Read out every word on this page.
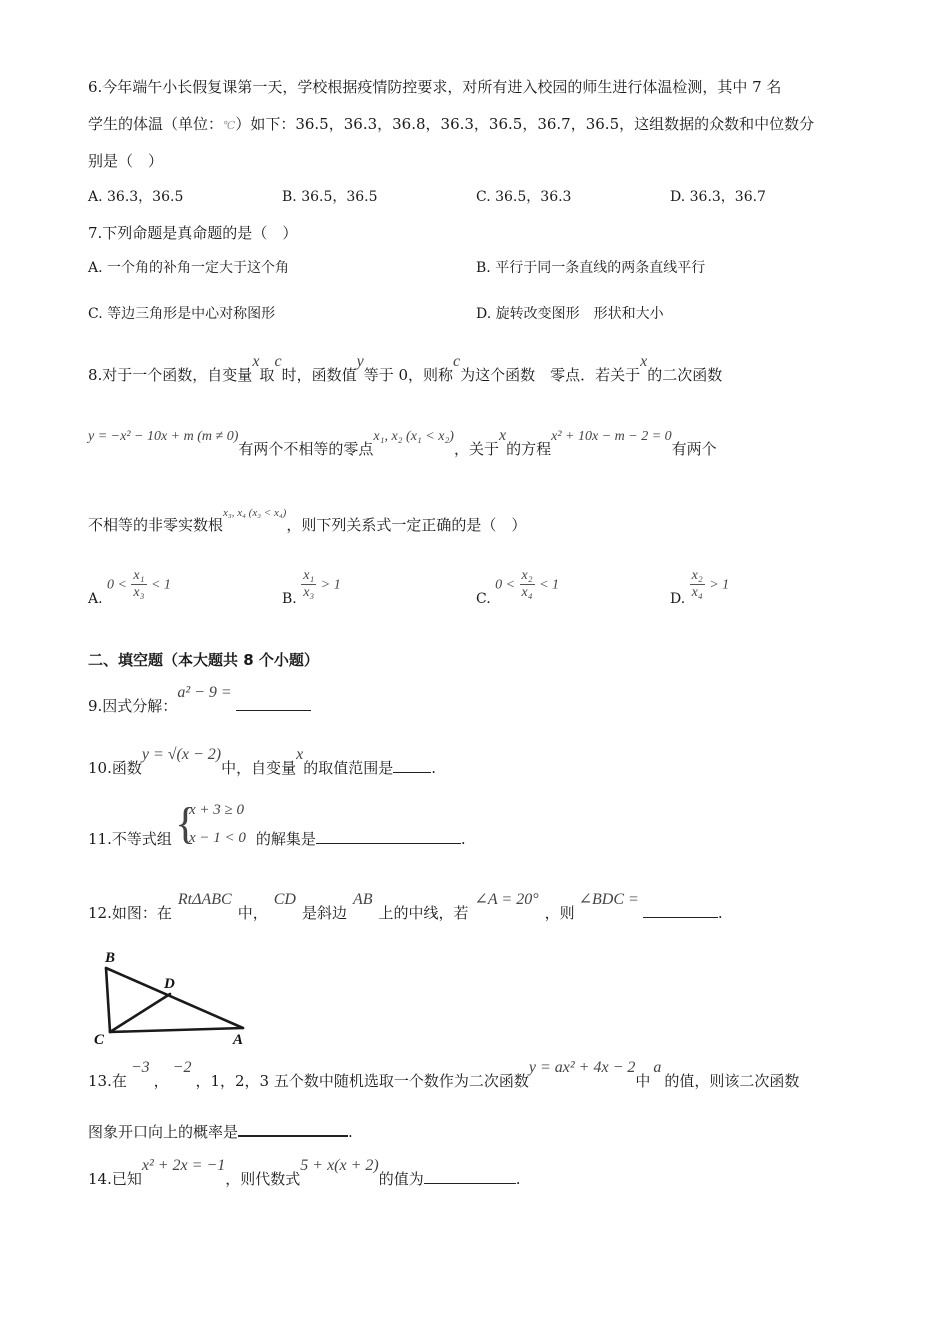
6.今年端午小长假复课第一天，学校根据疫情防控要求，对所有进入校园的师生进行体温检测，其中 7 名
学生的体温（单位：℃）如下：36.5，36.3，36.8，36.3，36.5，36.7，36.5，这组数据的众数和中位数分
别是（　）
A. 36.3，36.5	B. 36.5，36.5	C. 36.5，36.3	D. 36.3，36.7
7.下列命题是真命题的是（　）
A. 一个角的补角一定大于这个角	B. 平行于同一条直线的两条直线平行
C. 等边三角形是中心对称图形	D. 旋转改变图形　形状和大小
8.对于一个函数，自变量x取c时，函数值y等于 0，则称c为这个函数　零点．若关于x的二次函数
y = −x² − 10x + m (m ≠ 0)有两个不相等的零点x₁, x₂ (x₁ < x₂)，关于x的方程x² + 10x − m − 2 = 0有两个
不相等的非零实数根$^{x_3, x_4 (x_3 < x_4)}$，则下列关系式一定正确的是（　）
A. $0 < \frac{\text{x₁}}{\text{x₃}} < 1$
B. $\frac{\text{x₁}}{\text{x₃}} > 1$
C. $0 < \frac{\text{x₂}}{\text{x₄}} < 1$
D. $\frac{\text{x₂}}{\text{x₄}} > 1$
二、填空题（本大题共 8 个小题）
9.因式分解：a² − 9 =
10.函数y = √(x − 2)中，自变量x的取值范围是	.
11.不等式组	的解集是	.
{
x + 3 ≥ 0
x − 1 < 0
12.如图：在RtΔABC中，CD是斜边AB上的中线，若∠A = 20°，则∠BDC =.
B
D
C	A
13.在−3，−2，1，2，3 五个数中随机选取一个数作为二次函数y = ax² + 4x − 2中a的值，则该二次函数
图象开口向上的概率是	.
14.已知x² + 2x = −1，则代数式5 + x(x + 2)的值为	.
